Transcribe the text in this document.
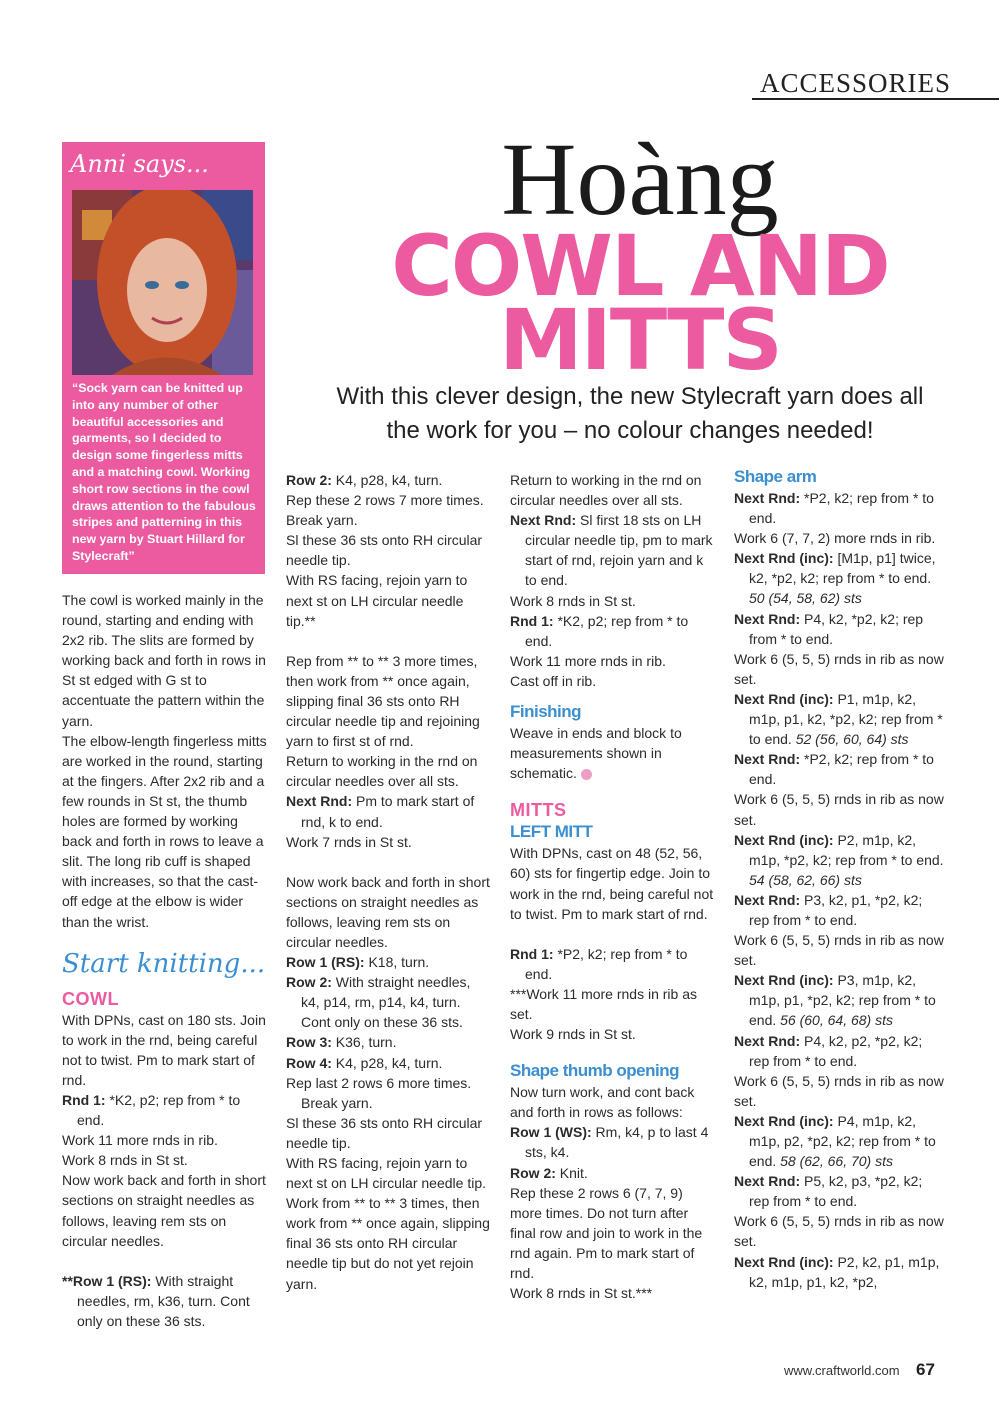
ACCESSORIES
Hoàng
COWL AND
MITTS
With this clever design, the new Stylecraft yarn does all
the work for you – no colour changes needed!
Anni says...
“Sock yarn can be knitted up into any number of other beautiful accessories and garments, so I decided to design some fingerless mitts and a matching cowl. Working short row sections in the cowl draws attention to the fabulous stripes and patterning in this new yarn by Stuart Hillard for Stylecraft”

The cowl is worked mainly in the round, starting and ending with 2x2 rib. The slits are formed by working back and forth in rows in St st edged with G st to accentuate the pattern within the yarn.

The elbow-length fingerless mitts are worked in the round, starting at the fingers. After 2x2 rib and a few rounds in St st, the thumb holes are formed by working back and forth in rows to leave a slit. The long rib cuff is shaped with increases, so that the cast-off edge at the elbow is wider than the wrist.

Start knitting...
COWL

With DPNs, cast on 180 sts. Join to work in the rnd, being careful not to twist. Pm to mark start of rnd.

Rnd 1: *K2, p2; rep from * to end.

Work 11 more rnds in rib.

Work 8 rnds in St st.

Now work back and forth in short sections on straight needles as follows, leaving rem sts on circular needles.

**Row 1 (RS): With straight needles, rm, k36, turn. Cont only on these 36 sts.

Row 2: K4, p28, k4, turn.

Rep these 2 rows 7 more times. Break yarn.

Sl these 36 sts onto RH circular needle tip.

With RS facing, rejoin yarn to next st on LH circular needle tip.**

Rep from ** to ** 3 more times, then work from ** once again, slipping final 36 sts onto RH circular needle tip and rejoining yarn to first st of rnd.

Return to working in the rnd on circular needles over all sts.

Next Rnd: Pm to mark start of rnd, k to end.

Work 7 rnds in St st.

Now work back and forth in short sections on straight needles as follows, leaving rem sts on circular needles.

Row 1 (RS): K18, turn.

Row 2: With straight needles, k4, p14, rm, p14, k4, turn. Cont only on these 36 sts.

Row 3: K36, turn.

Row 4: K4, p28, k4, turn.

Rep last 2 rows 6 more times. Break yarn.

Sl these 36 sts onto RH circular needle tip.

With RS facing, rejoin yarn to next st on LH circular needle tip.

Work from ** to ** 3 times, then work from ** once again, slipping final 36 sts onto RH circular needle tip but do not yet rejoin yarn.

Return to working in the rnd on circular needles over all sts.

Next Rnd: Sl first 18 sts on LH circular needle tip, pm to mark start of rnd, rejoin yarn and k to end.

Work 8 rnds in St st.

Rnd 1: *K2, p2; rep from * to end.

Work 11 more rnds in rib.

Cast off in rib.

Finishing

Weave in ends and block to measurements shown in schematic.

MITTS
LEFT MITT

With DPNs, cast on 48 (52, 56, 60) sts for fingertip edge. Join to work in the rnd, being careful not to twist. Pm to mark start of rnd.

Rnd 1: *P2, k2; rep from * to end.

***Work 11 more rnds in rib as set.

Work 9 rnds in St st.

Shape thumb opening

Now turn work, and cont back and forth in rows as follows:

Row 1 (WS): Rm, k4, p to last 4 sts, k4.

Row 2: Knit.

Rep these 2 rows 6 (7, 7, 9) more times. Do not turn after final row and join to work in the rnd again. Pm to mark start of rnd.

Work 8 rnds in St st.***

Shape arm

Next Rnd: *P2, k2; rep from * to end.

Work 6 (7, 7, 2) more rnds in rib.

Next Rnd (inc): [M1p, p1] twice, k2, *p2, k2; rep from * to end. 50 (54, 58, 62) sts

Next Rnd: P4, k2, *p2, k2; rep from * to end.

Work 6 (5, 5, 5) rnds in rib as now set.

Next Rnd (inc): P1, m1p, k2, m1p, p1, k2, *p2, k2; rep from * to end. 52 (56, 60, 64) sts

Next Rnd: *P2, k2; rep from * to end.

Work 6 (5, 5, 5) rnds in rib as now set.

Next Rnd (inc): P2, m1p, k2, m1p, *p2, k2; rep from * to end. 54 (58, 62, 66) sts

Next Rnd: P3, k2, p1, *p2, k2; rep from * to end.

Work 6 (5, 5, 5) rnds in rib as now set.

Next Rnd (inc): P3, m1p, k2, m1p, p1, *p2, k2; rep from * to end. 56 (60, 64, 68) sts

Next Rnd: P4, k2, p2, *p2, k2; rep from * to end.

Work 6 (5, 5, 5) rnds in rib as now set.

Next Rnd (inc): P4, m1p, k2, m1p, p2, *p2, k2; rep from * to end. 58 (62, 66, 70) sts

Next Rnd: P5, k2, p3, *p2, k2; rep from * to end.

Work 6 (5, 5, 5) rnds in rib as now set.

Next Rnd (inc): P2, k2, p1, m1p, k2, m1p, p1, k2, *p2,

www.craftworld.com 67
